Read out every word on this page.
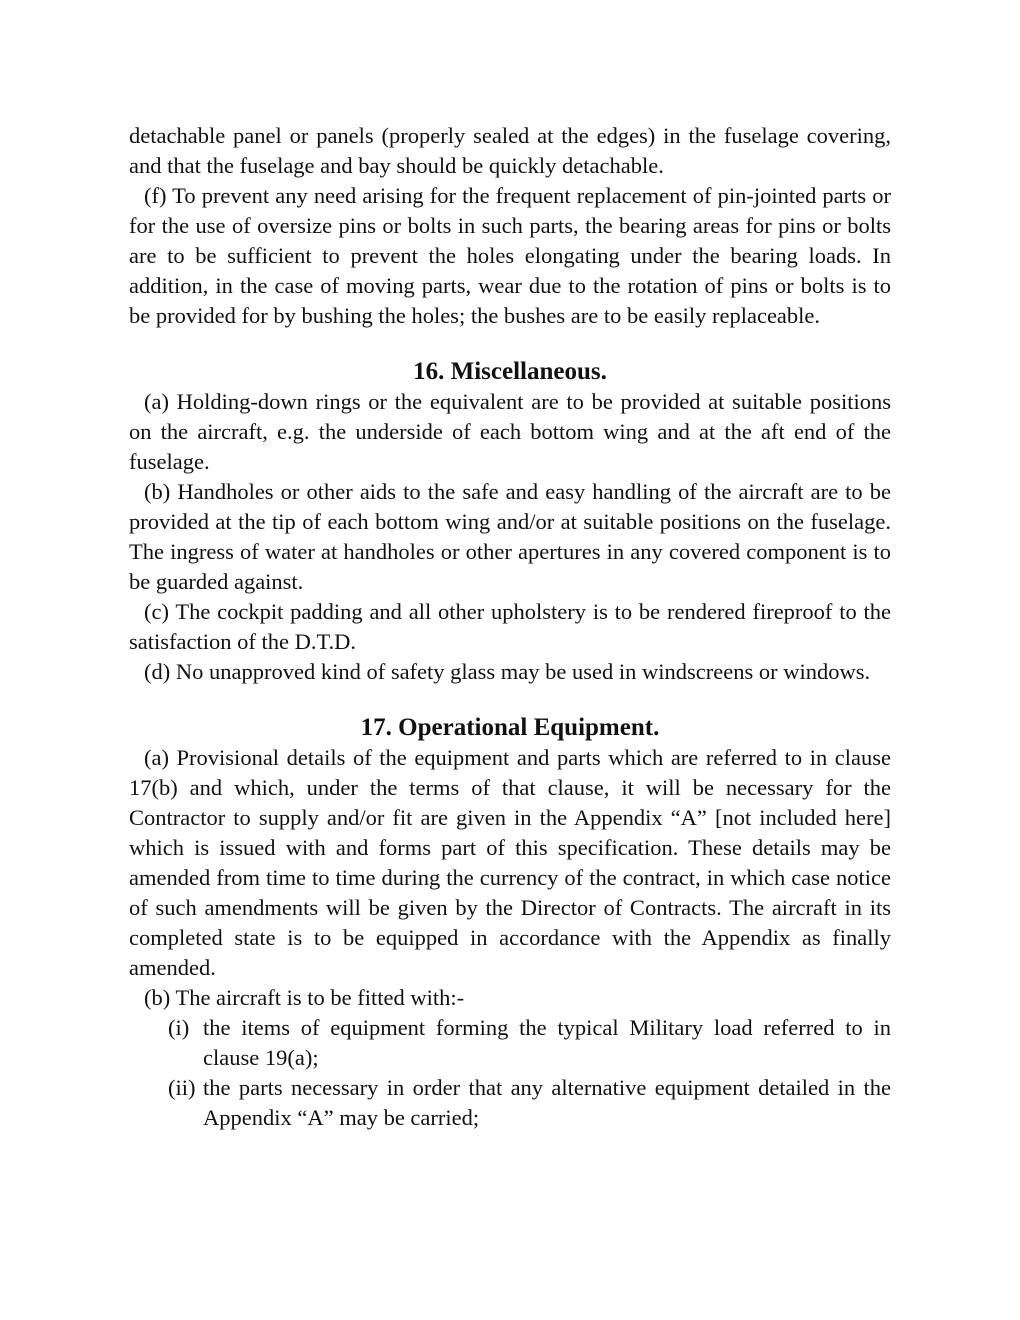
detachable panel or panels (properly sealed at the edges) in the fuselage covering, and that the fuselage and bay should be quickly detachable.

(f) To prevent any need arising for the frequent replacement of pin-jointed parts or for the use of oversize pins or bolts in such parts, the bearing areas for pins or bolts are to be sufficient to prevent the holes elongating under the bearing loads. In addition, in the case of moving parts, wear due to the rotation of pins or bolts is to be provided for by bushing the holes; the bushes are to be easily replaceable.

16. Miscellaneous.

(a) Holding-down rings or the equivalent are to be provided at suitable positions on the aircraft, e.g. the underside of each bottom wing and at the aft end of the fuselage.

(b) Handholes or other aids to the safe and easy handling of the aircraft are to be provided at the tip of each bottom wing and/or at suitable positions on the fuselage. The ingress of water at handholes or other apertures in any covered component is to be guarded against.

(c) The cockpit padding and all other upholstery is to be rendered fireproof to the satisfaction of the D.T.D.

(d) No unapproved kind of safety glass may be used in windscreens or windows.

17. Operational Equipment.

(a) Provisional details of the equipment and parts which are referred to in clause 17(b) and which, under the terms of that clause, it will be necessary for the Contractor to supply and/or fit are given in the Appendix “A” [not included here] which is issued with and forms part of this specification. These details may be amended from time to time during the currency of the contract, in which case notice of such amendments will be given by the Director of Contracts. The aircraft in its completed state is to be equipped in accordance with the Appendix as finally amended.

(b) The aircraft is to be fitted with:-

(i) the items of equipment forming the typical Military load referred to in clause 19(a);

(ii) the parts necessary in order that any alternative equipment detailed in the Appendix “A” may be carried;
